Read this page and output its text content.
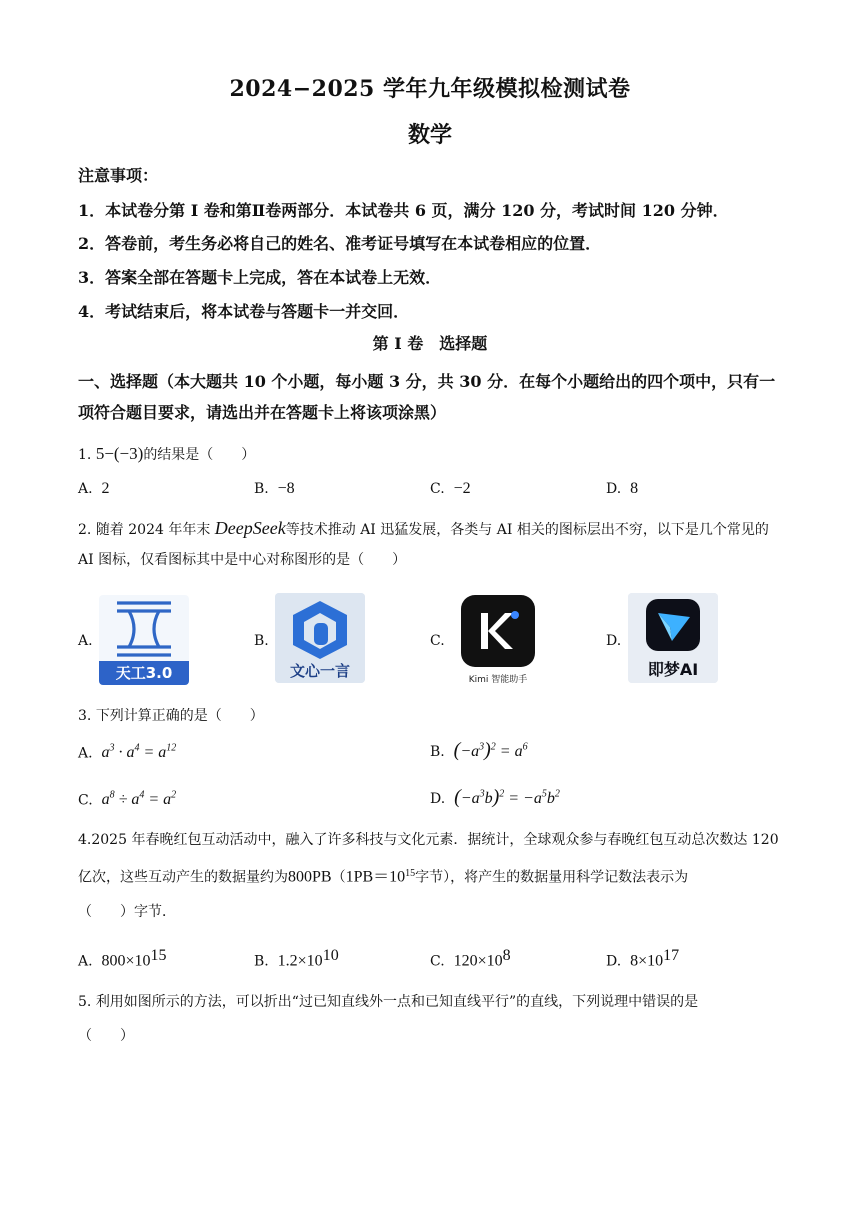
2024−2025 学年九年级模拟检测试卷
数学
注意事项：
1．本试卷分第 I 卷和第Ⅱ卷两部分．本试卷共 6 页，满分 120 分，考试时间 120 分钟．
2．答卷前，考生务必将自己的姓名、准考证号填写在本试卷相应的位置．
3．答案全部在答题卡上完成，答在本试卷上无效．
4．考试结束后，将本试卷与答题卡一并交回．
第 I 卷　选择题
一、选择题（本大题共 10 个小题，每小题 3 分，共 30 分．在每个小题给出的四个项中，只有一项符合题目要求，请选出并在答题卡上将该项涂黑）
1. 5−(−3)的结果是（　　）
A. 2	B. −8	C. −2	D. 8
2. 随着 2024 年年末 DeepSeek等技术推动 AI 迅猛发展，各类与 AI 相关的图标层出不穷，以下是几个常见的 AI 图标，仅看图标其中是中心对称图形的是（　　）
A.
天工3.0
B.
文心一言
C.
Kimi 智能助手
D.
即梦AI
3. 下列计算正确的是（　　）
A. $a^3 \cdot a^4 = a^{12}$	B. $(-a^3)^2 = a^6$
C. $a^8 \div a^4 = a^2$	D. $(-a^3b)^2 = -a^5b^2$
4.2025 年春晚红包互动活动中，融入了许多科技与文化元素．据统计，全球观众参与春晚红包互动总次数达 120 亿次，这些互动产生的数据量约为$800PB(1PB=10^{15}$字节），将产生的数据量用科学记数法表示为
（　　）字节．
A. $800\times 10^{15}$	B. $1.2\times 10^{10}$	C. $120\times 10^8$	D. $8\times 10^{17}$
5. 利用如图所示的方法，可以折出“过已知直线外一点和已知直线平行”的直线，下列说理中错误的是
（　　）
